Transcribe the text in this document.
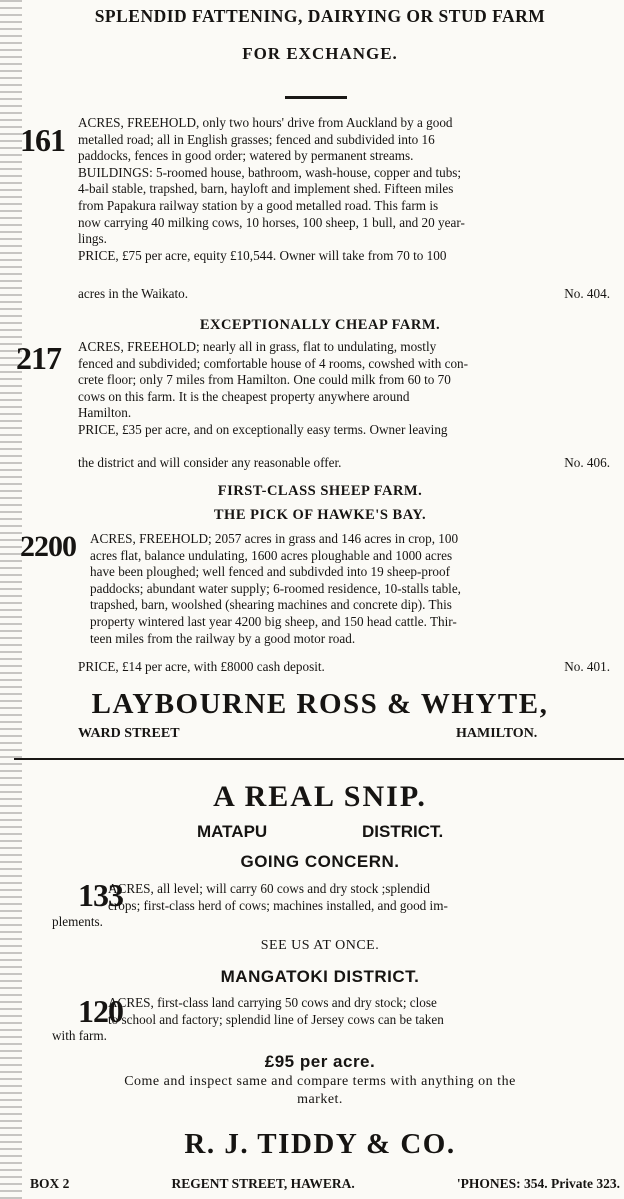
SPLENDID FATTENING, DAIRYING OR STUD FARM
FOR EXCHANGE.
161 ACRES, FREEHOLD, only two hours' drive from Auckland by a good
metalled road; all in English grasses; fenced and subdivided into 16
paddocks, fences in good order; watered by permanent streams.
BUILDINGS: 5-roomed house, bathroom, wash-house, copper and tubs;
4-bail stable, trapshed, barn, hayloft and implement shed. Fifteen miles
from Papakura railway station by a good metalled road. This farm is
now carrying 40 milking cows, 10 horses, 100 sheep, 1 bull, and 20 year-
lings.
PRICE, £75 per acre, equity £10,544. Owner will take from 70 to 100
acres in the Waikato.	No. 404.
EXCEPTIONALLY CHEAP FARM.
217 ACRES, FREEHOLD; nearly all in grass, flat to undulating, mostly
fenced and subdivided; comfortable house of 4 rooms, cowshed with con-
crete floor; only 7 miles from Hamilton. One could milk from 60 to 70
cows on this farm. It is the cheapest property anywhere around
Hamilton.
PRICE, £35 per acre, and on exceptionally easy terms. Owner leaving
the district and will consider any reasonable offer.	No. 406.
FIRST-CLASS SHEEP FARM.
THE PICK OF HAWKE'S BAY.
2200 ACRES, FREEHOLD; 2057 acres in grass and 146 acres in crop, 100
acres flat, balance undulating, 1600 acres ploughable and 1000 acres
have been ploughed; well fenced and subdivded into 19 sheep-proof
paddocks; abundant water supply; 6-roomed residence, 10-stalls table,
trapshed, barn, woolshed (shearing machines and concrete dip). This
property wintered last year 4200 big sheep, and 150 head cattle. Thir-
teen miles from the railway by a good motor road.
PRICE, £14 per acre, with £8000 cash deposit.	No. 401.
LAYBOURNE ROSS & WHYTE,
WARD STREET	HAMILTON.
A REAL SNIP.
MATAPU	DISTRICT.
GOING CONCERN.
133
ACRES, all level; will carry 60 cows and dry stock ;splendid
crops; first-class herd of cows; machines installed, and good im-
plements.
SEE US AT ONCE.
MANGATOKI DISTRICT.
120
ACRES, first-class land carrying 50 cows and dry stock; close
to school and factory; splendid line of Jersey cows can be taken
with farm.
£95 per acre.
Come and inspect same and compare terms with anything on the
market.
R. J. TIDDY & CO.
BOX 2	REGENT STREET, HAWERA.	'PHONES: 354. Private 323.
